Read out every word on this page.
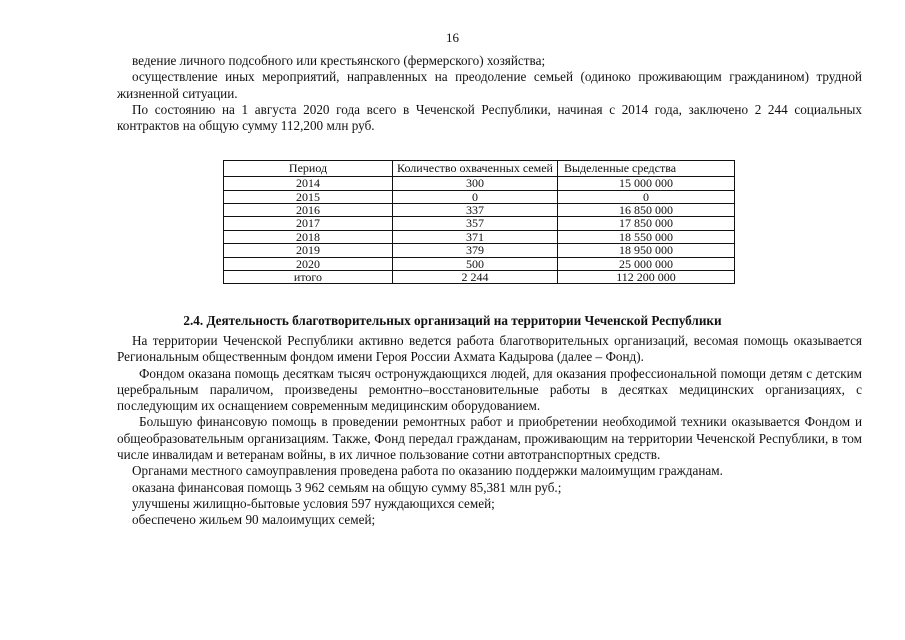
16

ведение личного подсобного или крестьянского (фермерского) хозяйства;

осуществление иных мероприятий, направленных на преодоление семьей (одиноко проживающим гражданином) трудной жизненной ситуации.

По состоянию на 1 августа 2020 года всего в Чеченской Республики, начиная с 2014 года, заключено 2 244 социальных контрактов на общую сумму 112,200 млн руб.

Период	Количество охваченных семей	Выделенные средства
2014	300	15 000 000
2015	0	0
2016	337	16 850 000
2017	357	17 850 000
2018	371	18 550 000
2019	379	18 950 000
2020	500	25 000 000
итого	2 244	112 200 000
2.4. Деятельность благотворительных организаций на территории Чеченской Республики

На территории Чеченской Республики активно ведется работа благотворительных организаций, весомая помощь оказывается Региональным общественным фондом имени Героя России Ахмата Кадырова (далее – Фонд).

Фондом оказана помощь десяткам тысяч остронуждающихся людей, для оказания профессиональной помощи детям с детским церебральным параличом, произведены ремонтно–восстановительные работы в десятках медицинских организациях, с последующим их оснащением современным медицинским оборудованием.

Большую финансовую помощь в проведении ремонтных работ и приобретении необходимой техники оказывается Фондом и общеобразовательным организациям. Также, Фонд передал гражданам, проживающим на территории Чеченской Республики, в том числе инвалидам и ветеранам войны, в их личное пользование сотни автотранспортных средств.

Органами местного самоуправления проведена работа по оказанию поддержки малоимущим гражданам.

оказана финансовая помощь 3 962 семьям на общую сумму 85,381 млн руб.;

улучшены жилищно-бытовые условия 597 нуждающихся семей;

обеспечено жильем 90 малоимущих семей;
